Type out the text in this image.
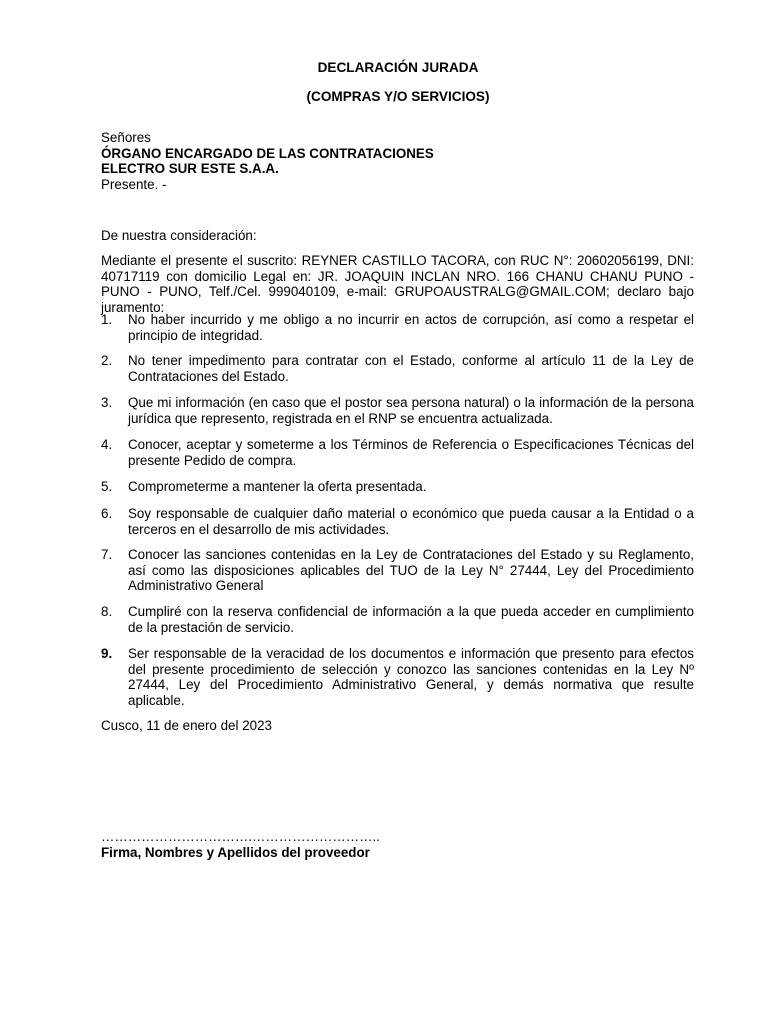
DECLARACIÓN JURADA
(COMPRAS Y/O SERVICIOS)
Señores
ÓRGANO ENCARGADO DE LAS CONTRATACIONES
ELECTRO SUR ESTE S.A.A.
Presente. -
De nuestra consideración:
Mediante el presente el suscrito: REYNER CASTILLO TACORA, con RUC N°: 20602056199, DNI: 40717119 con domicilio Legal en: JR. JOAQUIN INCLAN NRO. 166 CHANU CHANU PUNO - PUNO - PUNO, Telf./Cel. 999040109, e-mail: GRUPOAUSTRALG@GMAIL.COM; declaro bajo juramento:
1.	No haber incurrido y me obligo a no incurrir en actos de corrupción, así como a respetar el principio de integridad.
2.	No tener impedimento para contratar con el Estado, conforme al artículo 11 de la Ley de Contrataciones del Estado.
3.	Que mi información (en caso que el postor sea persona natural) o la información de la persona jurídica que represento, registrada en el RNP se encuentra actualizada.
4.	Conocer, aceptar y someterme a los Términos de Referencia o Especificaciones Técnicas del presente Pedido de compra.
5.	Comprometerme a mantener la oferta presentada.
6.	Soy responsable de cualquier daño material o económico que pueda causar a la Entidad o a terceros en el desarrollo de mis actividades.
7.	Conocer las sanciones contenidas en la Ley de Contrataciones del Estado y su Reglamento, así como las disposiciones aplicables del TUO de la Ley N° 27444, Ley del Procedimiento Administrativo General
8.	Cumpliré con la reserva confidencial de información a la que pueda acceder en cumplimiento de la prestación de servicio.
9.	Ser responsable de la veracidad de los documentos e información que presento para efectos del presente procedimiento de selección y conozco las sanciones contenidas en la Ley Nº 27444, Ley del Procedimiento Administrativo General, y demás normativa que resulte aplicable.
Cusco, 11 de enero del 2023
…………………………….………………………..
Firma, Nombres y Apellidos del proveedor
